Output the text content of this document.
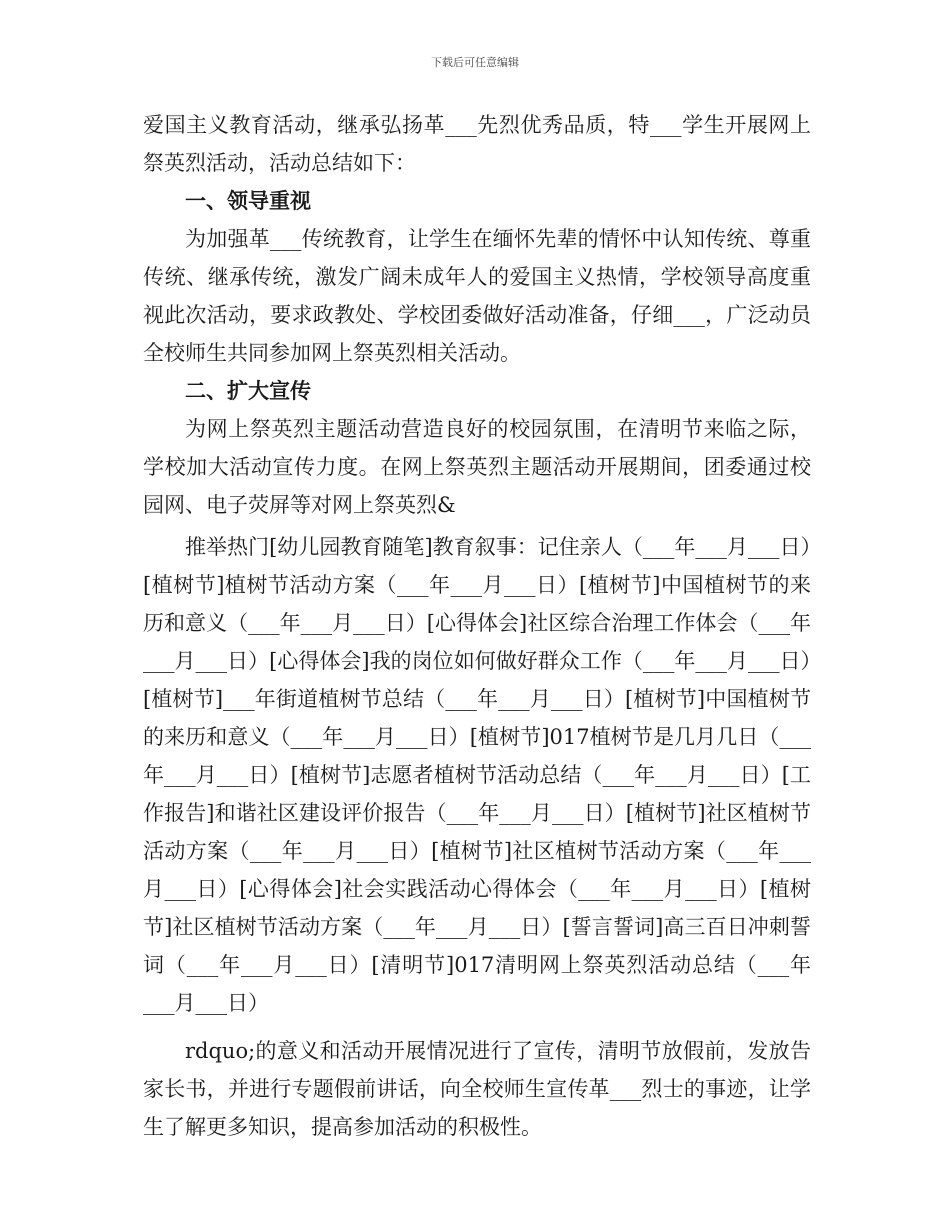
下载后可任意编辑

爱国主义教育活动，继承弘扬革___先烈优秀品质，特___学生开展网上祭英烈活动，活动总结如下：

一、领导重视

为加强革___传统教育，让学生在缅怀先辈的情怀中认知传统、尊重传统、继承传统，激发广阔未成年人的爱国主义热情，学校领导高度重视此次活动，要求政教处、学校团委做好活动准备，仔细___，广泛动员全校师生共同参加网上祭英烈相关活动。

二、扩大宣传

为网上祭英烈主题活动营造良好的校园氛围，在清明节来临之际，学校加大活动宣传力度。在网上祭英烈主题活动开展期间，团委通过校园网、电子荧屏等对网上祭英烈&

推举热门[幼儿园教育随笔]教育叙事：记住亲人（___年___月___日）[植树节]植树节活动方案（___年___月___日）[植树节]中国植树节的来历和意义（___年___月___日）[心得体会]社区综合治理工作体会（___年___月___日）[心得体会]我的岗位如何做好群众工作（___年___月___日）[植树节]___年街道植树节总结（___年___月___日）[植树节]中国植树节的来历和意义（___年___月___日）[植树节]017植树节是几月几日（___年___月___日）[植树节]志愿者植树节活动总结（___年___月___日）[工作报告]和谐社区建设评价报告（___年___月___日）[植树节]社区植树节活动方案（___年___月___日）[植树节]社区植树节活动方案（___年___月___日）[心得体会]社会实践活动心得体会（___年___月___日）[植树节]社区植树节活动方案（___年___月___日）[誓言誓词]高三百日冲刺誓词（___年___月___日）[清明节]017清明网上祭英烈活动总结（___年___月___日）

rdquo;的意义和活动开展情况进行了宣传，清明节放假前，发放告家长书，并进行专题假前讲话，向全校师生宣传革___烈士的事迹，让学生了解更多知识，提高参加活动的积极性。
